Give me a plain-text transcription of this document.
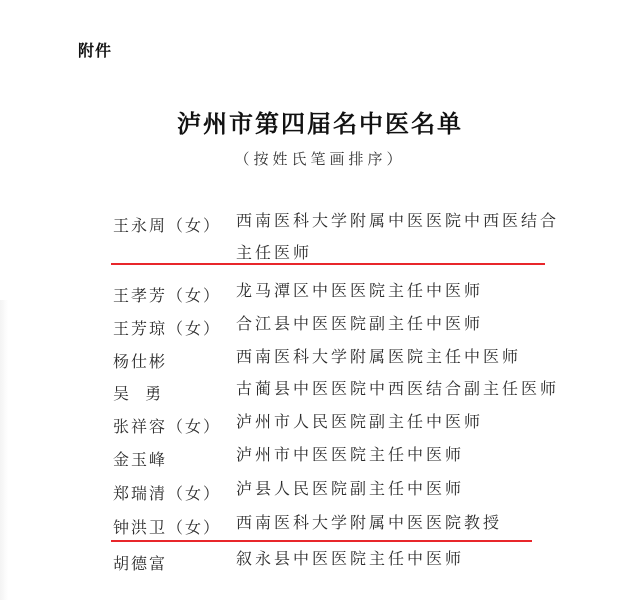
附件
泸州市第四届名中医名单
（按姓氏笔画排序）
王永周（女） 西南医科大学附属中医医院中西医结合主任医师
王孝芳（女） 龙马潭区中医医院主任中医师
王芳琼（女） 合江县中医医院副主任中医师
杨仕彬	西南医科大学附属医院主任中医师
吴  勇	古蔺县中医医院中西医结合副主任医师
张祥容（女） 泸州市人民医院副主任中医师
金玉峰	泸州市中医医院主任中医师
郑瑞清（女） 泸县人民医院副主任中医师
钟洪卫（女） 西南医科大学附属中医医院教授
胡德富	叙永县中医医院主任中医师
